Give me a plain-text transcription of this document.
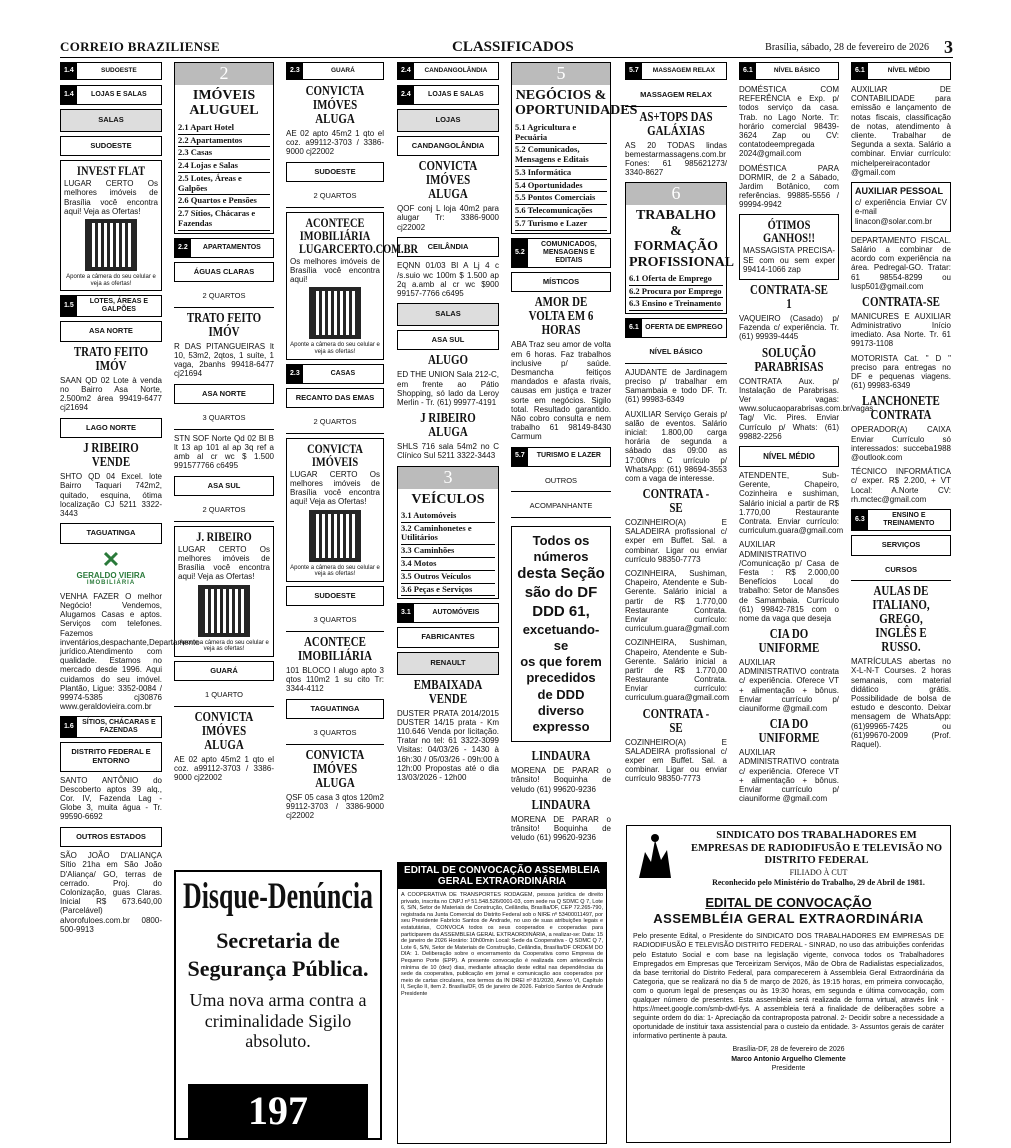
CORREIO BRAZILIENSE	CLASSIFICADOS	Brasília, sábado, 28 de fevereiro de 2026 3
1.4	SUDOESTE
1.4	LOJAS E SALAS
SALAS
SUDOESTE
INVEST FLAT
LUGAR CERTO Os melhores imóveis de Brasília você encontra aqui! Veja as Ofertas!
Aponte a câmera do seu celular e veja as ofertas!
1.5
LOTES, ÁREAS E GALPÕES
ASA NORTE
TRATO FEITO IMÓV
SAAN QD 02 Lote à venda no Bairro Asa Norte, 2.500m2 área 99419-6477 cj21694
LAGO NORTE
J RIBEIRO VENDE
SHTO QD 04 Excel. lote Bairro Taquari 742m2, quitado, esquina, ótima localização CJ 5211 3322-3443
TAGUATINGA
✕
GERALDO VIEIRA
IMOBILIÁRIA
VENHA FAZER O melhor Negócio! Vendemos, Alugamos Casas e aptos. Serviços com telefones. Fazemos inventários,despachante,Departamento jurídico.Atendimento com qualidade. Estamos no mercado desde 1996. Aqui cuidamos do seu imóvel. Plantão, Ligue: 3352-0084 / 99974-5385 cj30876 www.geraldovieira.com.br
1.6
SÍTIOS, CHÁCARAS E FAZENDAS
DISTRITO FEDERAL E ENTORNO
SANTO ANTÔNIO do Descoberto aptos 39 alq., Cor. IV, Fazenda Lag - Globe 3, muita água - Tr. 99590-6692
OUTROS ESTADOS
SÃO JOÃO D'ALIANÇA Sítio 21ha em São João D'Aliança/ GO, terras de cerrado. Proj. do Colonização, guas Claras. Inicial R$ 673.640,00 (Parcelável) alvorofuloes.com.br 0800-500-9913
2
IMÓVEIS ALUGUEL
2.1 Apart Hotel
2.2 Apartamentos
2.3 Casas
2.4 Lojas e Salas
2.5 Lotes, Áreas e Galpões
2.6 Quartos e Pensões
2.7 Sítios, Chácaras e Fazendas
2.2	APARTAMENTOS
ÁGUAS CLARAS
2 QUARTOS
TRATO FEITO IMÓV
R DAS PITANGUEIRAS lt 10, 53m2, 2qtos, 1 suíte, 1 vaga, 2banhs 99418-6477 cj21694
ASA NORTE
3 QUARTOS
STN SOF Norte Qd 02 Bl B lt 13 ap 101 al ap 3q ref a amb al cr wc $ 1.500 991577766 c6495
ASA SUL
2 QUARTOS
J. RIBEIRO
LUGAR CERTO Os melhores imóveis de Brasília você encontra aqui! Veja as Ofertas!
Aponte a câmera do seu celular e veja as ofertas!
GUARÁ
1 QUARTO
CONVICTA IMÓVES ALUGA
AE 02 apto 45m2 1 qto el coz. a99112-3703 / 3386-9000 cj22002
2.3	GUARÁ
CONVICTA IMÓVES ALUGA
AE 02 apto 45m2 1 qto el coz. a99112-3703 / 3386-9000 cj22002
SUDOESTE
2 QUARTOS
ACONTECE IMOBILIÁRIA LUGARCERTO.COM.BR
Os melhores imóveis de Brasília você encontra aqui!
Aponte a câmera do seu celular e veja as ofertas!
2.3	CASAS
RECANTO DAS EMAS
2 QUARTOS
CONVICTA IMÓVEIS
LUGAR CERTO Os melhores imóveis de Brasília você encontra aqui! Veja as Ofertas!
Aponte a câmera do seu celular e veja as ofertas!
SUDOESTE
3 QUARTOS
ACONTECE IMOBILIÁRIA
101 BLOCO I alugo apto 3 qtos 110m2 1 su cito Tr: 3344-4112
TAGUATINGA
3 QUARTOS
CONVICTA IMÓVES ALUGA
QSF 05 casa 3 qtos 120m2 99112-3703 / 3386-9000 cj22002
Disque-Denúncia
Secretaria de Segurança Pública.
Uma nova arma contra a criminalidade Sigilo absoluto.
197
2.4	CANDANGOLÂNDIA
2.4	LOJAS E SALAS
LOJAS
CANDANGOLÂNDIA
CONVICTA IMÓVES ALUGA
QOF conj L loja 40m2 para alugar Tr: 3386-9000 cj22002
CEILÂNDIA
EQNN 01/03 Bl A Lj 4 c /s.suio wc 100m $ 1.500 ap 2q a.amb al cr wc $900 99157-7766 c6495
SALAS
ASA SUL
ALUGO
ED THE UNION Sala 212-C, em frente ao Pátio Shopping, só lado da Leroy Merlin - Tr. (61) 99977-4191
J RIBEIRO ALUGA
SHLS 716 sala 54m2 no C Clínico Sul 5211 3322-3443
3
VEÍCULOS
3.1 Automóveis
3.2 Caminhonetes e Utilitários
3.3 Caminhões
3.4 Motos
3.5 Outros Veículos
3.6 Peças e Serviços
3.1	AUTOMÓVEIS
FABRICANTES
RENAULT
EMBAIXADA VENDE
DUSTER PRATA 2014/2015 DUSTER 14/15 prata - Km 110.646 Venda por licitação. Tratar no tel: 61 3322-3099 Visitas: 04/03/26 - 1430 à 16h:30 / 05/03/26 - 09h:00 à 12h:00 Propostas até o dia 13/03/2026 - 12h00
EDITAL DE CONVOCAÇÃO ASSEMBLEIA GERAL EXTRAORDINÁRIA
A COOPERATIVA DE TRANSPORTES RODAGEM, pessoa jurídica de direito privado, inscrita no CNPJ nº 51.548.526/0001-03, com sede na Q SDMC Q 7, Lote 6, S/N, Setor de Materiais de Construção, Ceilândia, Brasília/DF, CEP 72.265-790, registrada na Junta Comercial do Distrito Federal sob o NIRE nº 53400011497, por seu Presidente Fabrício Santos de Andrade, no uso de suas atribuições legais e estatutárias, CONVOCA todos os seus cooperados e cooperadas para participarem da ASSEMBLEIA GERAL EXTRAORDINÁRIA, a realizar-se: Data: 15 de janeiro de 2026 Horário: 10h00min Local: Sede da Cooperativa - Q SDMC Q 7, Lote 6, S/N, Setor de Materiais de Construção, Ceilândia, Brasília/DF ORDEM DO DIA: 1. Deliberação sobre o encerramento da Cooperativa como Empresa de Pequeno Porte (EPP). A presente convocação é realizada com antecedência mínima de 10 (dez) dias, mediante afixação deste edital nas dependências da sede da cooperativa, publicação em jornal e comunicação aos cooperados por meio de cartas circulares, nos termos da IN DREI nº 81/2020, Anexo VI, Capítulo II, Seção II, item 2. Brasília/DF, 05 de janeiro de 2026. Fabrício Santos de Andrade Presidente
5
NEGÓCIOS & OPORTUNIDADES
5.1 Agricultura e Pecuária
5.2 Comunicados, Mensagens e Editais
5.3 Informática
5.4 Oportunidades
5.5 Pontos Comerciais
5.6 Telecomunicações
5.7 Turismo e Lazer
5.2
COMUNICADOS, MENSAGENS E EDITAIS
MÍSTICOS
AMOR DE VOLTA EM 6 HORAS
ABA Traz seu amor de volta em 6 horas. Faz trabalhos inclusive p/ saúde. Desmancha feitiços mandados e afasta rivais, causas em justiça e trazer sorte em negócios. Sigilo total. Resultado garantido. Não cobro consulta e nem trabalho 61 98149-8430 Carmum
5.7	TURISMO E LAZER
OUTROS
ACOMPANHANTE
Todos os
números
desta Seção
são do DF
DDD 61,
excetuando-se
os que forem
precedidos
de DDD
diverso
expresso
LINDAURA
MORENA DE PARAR o trânsito! Boquinha de veludo (61) 99620-9236
LINDAURA
MORENA DE PARAR o trânsito! Boquinha de veludo (61) 99620-9236
5.7	MASSAGEM RELAX
MASSAGEM RELAX
AS+TOPS DAS GALÁXIAS
AS 20 TODAS lindas bemestarmassagens.com.br Fones: 61 985621273/ 3340-8627
6
TRABALHO & FORMAÇÃO PROFISSIONAL
6.1 Oferta de Emprego
6.2 Procura por Emprego
6.3 Ensino e Treinamento
6.1 OFERTA DE EMPREGO
NÍVEL BÁSICO
AJUDANTE de Jardinagem preciso p/ trabalhar em Samambaia e todo DF. Tr. (61) 99983-6349
AUXILIAR Serviço Gerais p/ salão de eventos. Salário inicial: 1.800,00 carga horária de segunda a sábado das 09:00 as 17:00hrs C urrículo p/ WhatsApp: (61) 98694-3553 com a vaga de interesse.
CONTRATA - SE
COZINHEIRO(A) E SALADEIRA profissional c/ exper em Buffet. Sal. a combinar. Ligar ou enviar currículo 98350-7773
COZINHEIRA, Sushiman, Chapeiro, Atendente e Sub-Gerente. Salário inicial a partir de R$ 1.770,00 Restaurante Contrata. Enviar currículo: curriculum.guara@gmail.com
COZINHEIRA, Sushiman, Chapeiro, Atendente e Sub-Gerente. Salário inicial a partir de R$ 1.770,00 Restaurante Contrata. Enviar currículo: curriculum.guara@gmail.com
CONTRATA - SE
COZINHEIRO(A) E SALADEIRA profissional c/ exper em Buffet. Sal. a combinar. Ligar ou enviar currículo 98350-7773
6.1	NÍVEL BÁSICO
DOMÉSTICA COM REFERÊNCIA e Exp. p/ todos serviço da casa. Trab. no Lago Norte. Tr: horário comercial 98439-3624 Zap ou CV: contatodeempregada 2024@gmail.com
DOMÉSTICA PARA DORMIR, de 2 a Sábado, Jardim Botânico, com referências. 99885-5556 / 99994-9942
ÓTIMOS GANHOS!!
MASSAGISTA PRECISA-SE com ou sem exper 99414-1066 zap
CONTRATA-SE 1
VAQUEIRO (Casado) p/ Fazenda c/ experiência. Tr. (61) 99939-4445
SOLUÇÃO PARABRISAS
CONTRATA Aux. p/ Instalação de Parabrisas. Ver vagas: www.solucaoparabrisas.com.br/vagas Tag/ Vic. Pires. Enviar Currículo p/ Whats: (61) 99882-2256
NÍVEL MÉDIO
ATENDENTE, Sub-Gerente, Chapeiro, Cozinheira e sushiman, Salário inicial a partir de R$ 1.770,00 Restaurante Contrata. Enviar currículo: curriculum.guara@gmail.com
AUXILIAR ADMINISTRATIVO /Comunicação p/ Casa de Festa : R$ 2.000,00 Benefícios Local do trabalho: Setor de Mansões de Samambaia. Currículo (61) 99842-7815 com o nome da vaga que deseja
CIA DO UNIFORME
AUXILIAR ADMINISTRATIVO contrata c/ experiência. Oferece VT + alimentação + bônus. Enviar currículo p/ ciauniforme @gmail.com
CIA DO UNIFORME
AUXILIAR ADMINISTRATIVO contrata c/ experiência. Oferece VT + alimentação + bônus. Enviar currículo p/ ciauniforme @gmail.com
6.1	NÍVEL MÉDIO
AUXILIAR DE CONTABILIDADE para emissão e lançamento de notas fiscais, classificação de notas, atendimento à cliente. Trabalhar de Segunda a sexta. Salário a combinar. Enviar currículo: michelpereiracontador @gmail.com
AUXILIAR PESSOAL
c/ experiência Enviar CV e-mail linacon@solar.com.br
DEPARTAMENTO FISCAL. Salário a combinar de acordo com experiência na área. Pedregal-GO. Tratar: 61 98554-8299 ou lusp501@gmail.com
CONTRATA-SE
MANICURES E AUXILIAR Administrativo Início imediato. Asa Norte. Tr. 61 99173-1108
MOTORISTA Cat. " D " preciso para entregas no DF e pequenas viagens. (61) 99983-6349
LANCHONETE CONTRATA
OPERADOR(A) CAIXA Enviar Currículo só interessados: succeba1988 @outlook.com
TÉCNICO INFORMÁTICA c/ exper. R$ 2.200, + VT Local: A.Norte CV: rh.mctec@gmail.com
6.3
ENSINO E TREINAMENTO
SERVIÇOS
CURSOS
AULAS DE ITALIANO, GREGO, INGLÊS E RUSSO.
MATRÍCULAS abertas no X-L-N-T Courses. 2 horas semanais, com material didático grátis. Possibilidade de bolsa de estudo e desconto. Deixar mensagem de WhatsApp: (61)99965-7425 ou (61)99670-2009 (Prof. Raquel).
SINDICATO DOS TRABALHADORES EM EMPRESAS DE RADIODIFUSÃO E TELEVISÃO NO DISTRITO FEDERAL
FILIADO À CUT
Reconhecido pelo Ministério do Trabalho, 29 de Abril de 1981.
EDITAL DE CONVOCAÇÃO
ASSEMBLÉIA GERAL EXTRAORDINÁRIA
Pelo presente Edital, o Presidente do SINDICATO DOS TRABALHADORES EM EMPRESAS DE RADIODIFUSÃO E TELEVISÃO DISTRITO FEDERAL - SINRAD, no uso das atribuições conferidas pelo Estatuto Social e com base na legislação vigente, convoca todos os Trabalhadores Empregados em Empresas que Terceirizam Serviços, Mão de Obra de Radialistas especializados, da base territorial do Distrito Federal, para comparecerem à Assembleia Geral Extraordinária da Categoria, que se realizará no dia 5 de março de 2026, às 19:15 horas, em primeira convocação, com o quorum legal de presenças ou às 19:30 horas, em segunda e última convocação, com qualquer número de presentes. Esta assembleia será realizada de forma virtual, através link - https://meet.google.com/smb-dwtl-fys. A assembleia terá a finalidade de deliberações sobre a seguinte ordem do dia: 1- Apreciação da contraproposta patronal. 2- Decidir sobre a necessidade a oportunidade de instituir taxa assistencial para o custeio da entidade. 3- Assuntos gerais de caráter informativo pertinente à pauta.
Brasília-DF, 28 de fevereiro de 2026
Marco Antonio Arguelho Clemente
Presidente
